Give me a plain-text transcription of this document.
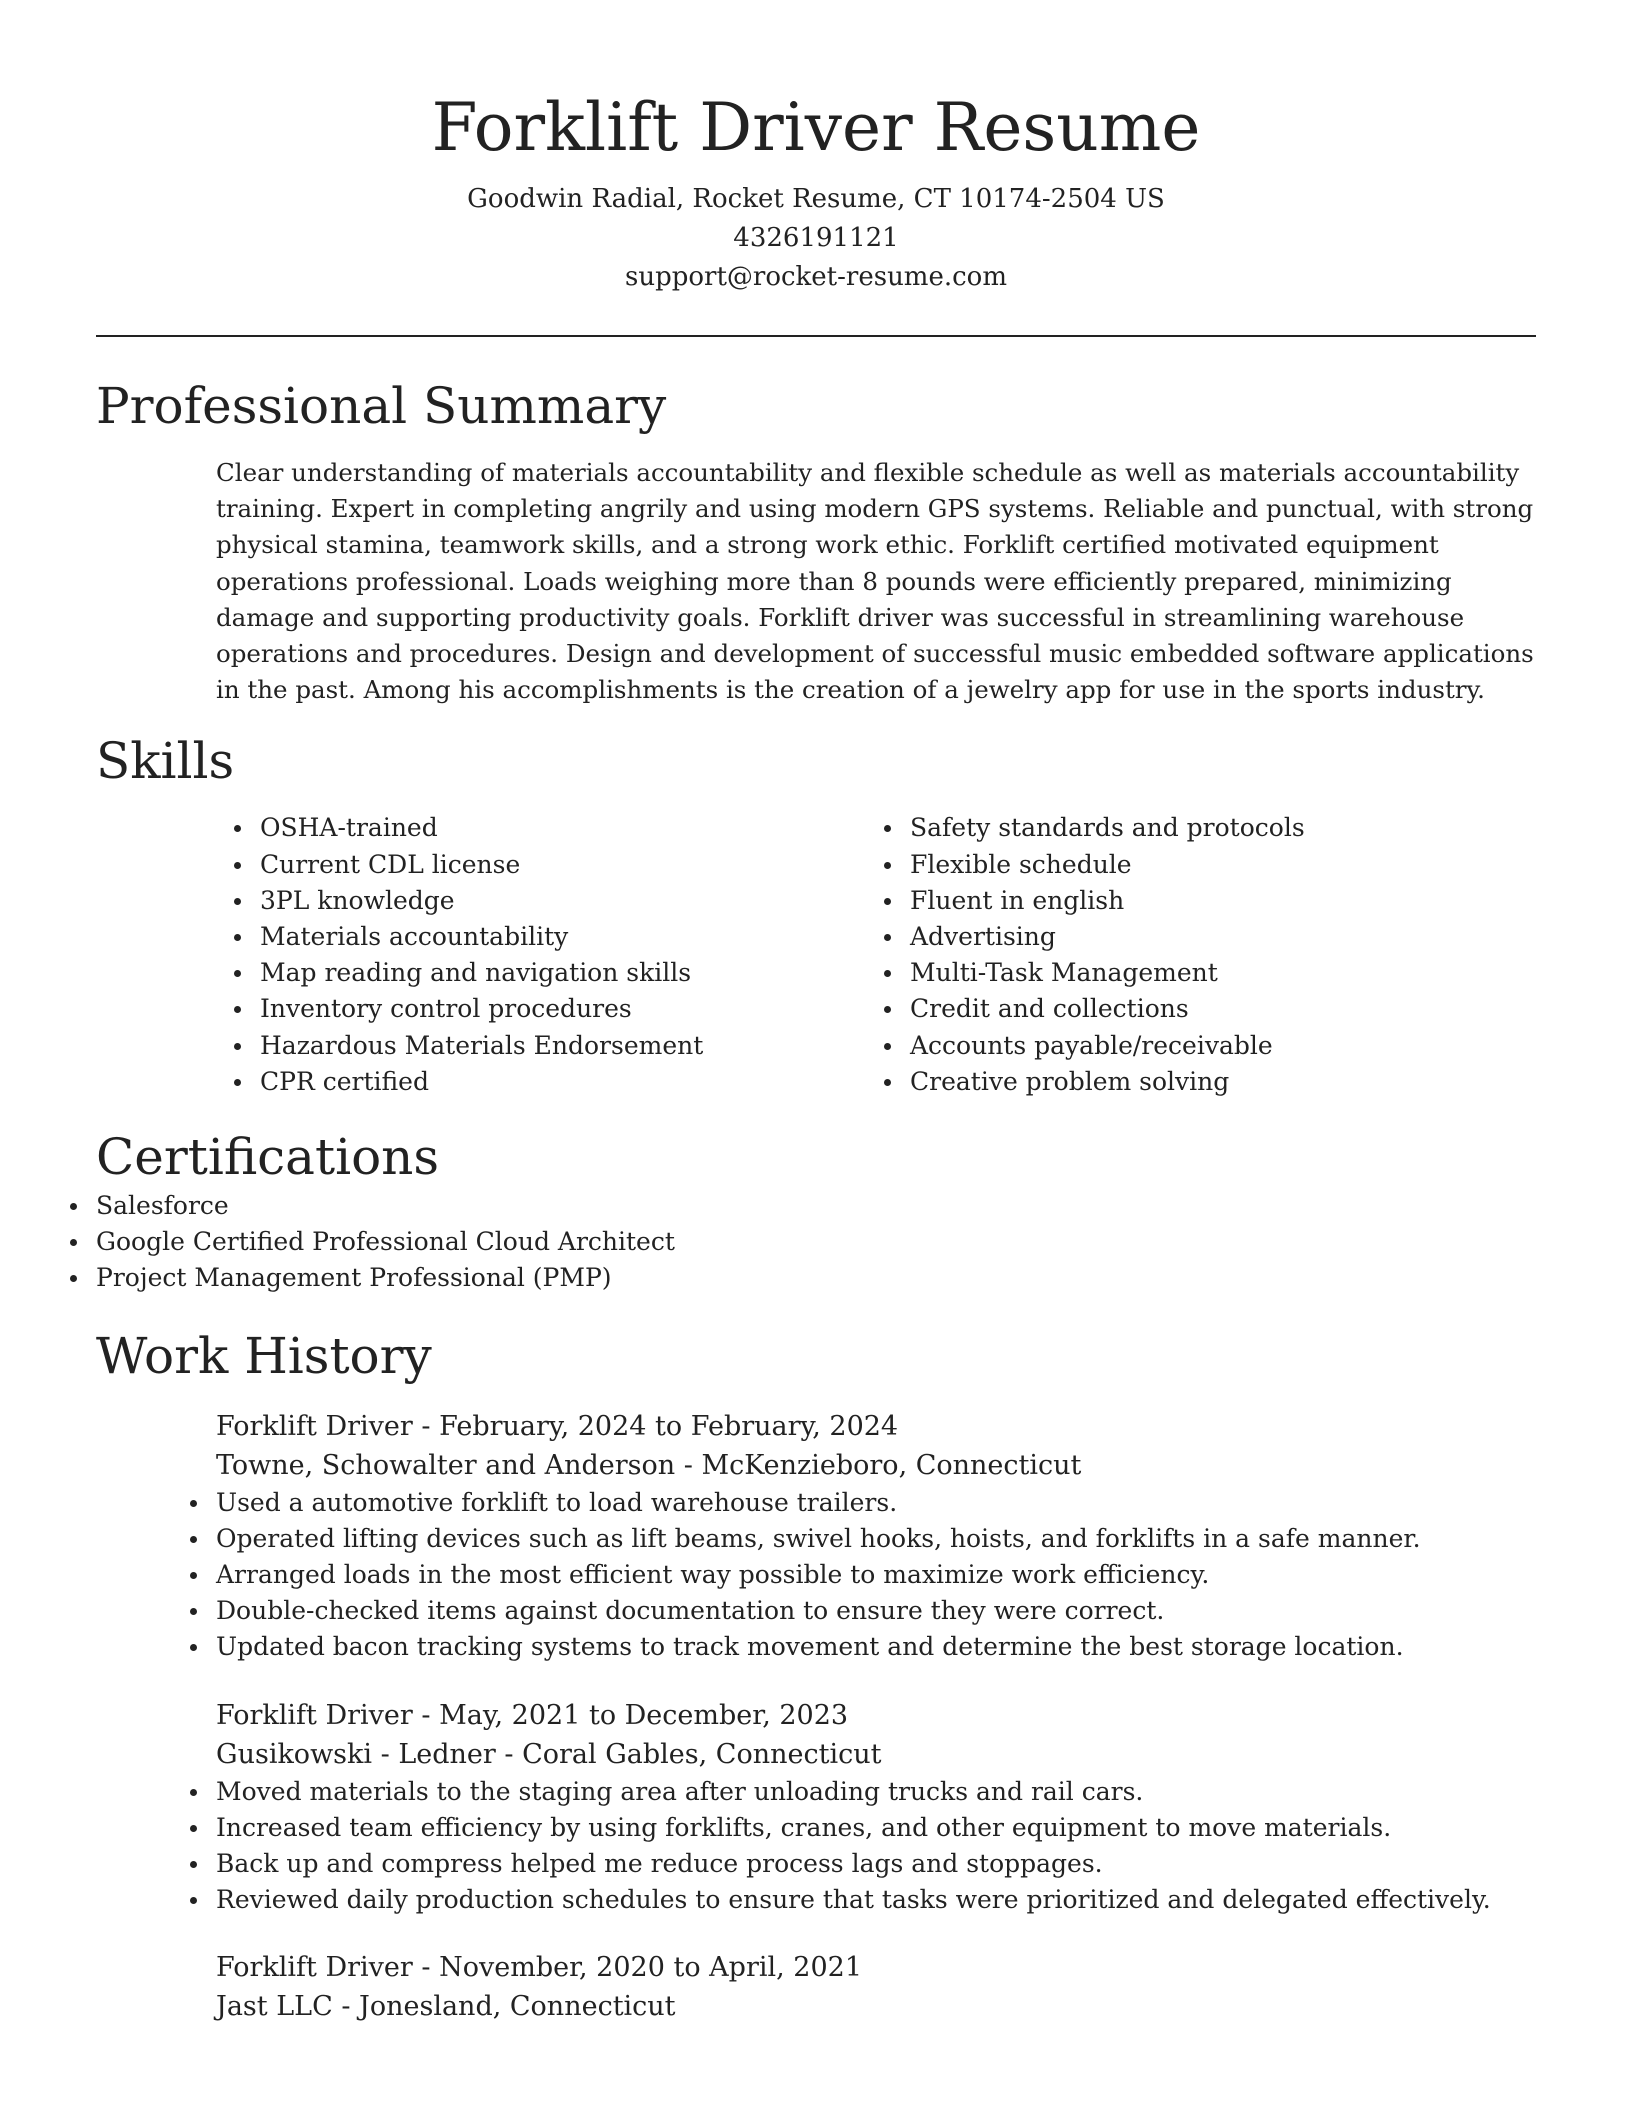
Forklift Driver Resume

Goodwin Radial, Rocket Resume, CT 10174-2504 US

4326191121

support@rocket-resume.com

Professional Summary

Clear understanding of materials accountability and flexible schedule as well as materials accountability training. Expert in completing angrily and using modern GPS systems. Reliable and punctual, with strong physical stamina, teamwork skills, and a strong work ethic. Forklift certified motivated equipment operations professional. Loads weighing more than 8 pounds were efficiently prepared, minimizing damage and supporting productivity goals. Forklift driver was successful in streamlining warehouse operations and procedures. Design and development of successful music embedded software applications in the past. Among his accomplishments is the creation of a jewelry app for use in the sports industry.

Skills
OSHA-trained
Current CDL license
3PL knowledge
Materials accountability
Map reading and navigation skills
Inventory control procedures
Hazardous Materials Endorsement
CPR certified
Safety standards and protocols
Flexible schedule
Fluent in english
Advertising
Multi-Task Management
Credit and collections
Accounts payable/receivable
Creative problem solving
Certifications
Salesforce
Google Certified Professional Cloud Architect
Project Management Professional (PMP)
Work History

Forklift Driver - February, 2024 to February, 2024

Towne, Schowalter and Anderson - McKenzieboro, Connecticut

Used a automotive forklift to load warehouse trailers.
Operated lifting devices such as lift beams, swivel hooks, hoists, and forklifts in a safe manner.
Arranged loads in the most efficient way possible to maximize work efficiency.
Double-checked items against documentation to ensure they were correct.
Updated bacon tracking systems to track movement and determine the best storage location.

Forklift Driver - May, 2021 to December, 2023

Gusikowski - Ledner - Coral Gables, Connecticut

Moved materials to the staging area after unloading trucks and rail cars.
Increased team efficiency by using forklifts, cranes, and other equipment to move materials.
Back up and compress helped me reduce process lags and stoppages.
Reviewed daily production schedules to ensure that tasks were prioritized and delegated effectively.

Forklift Driver - November, 2020 to April, 2021

Jast LLC - Jonesland, Connecticut
